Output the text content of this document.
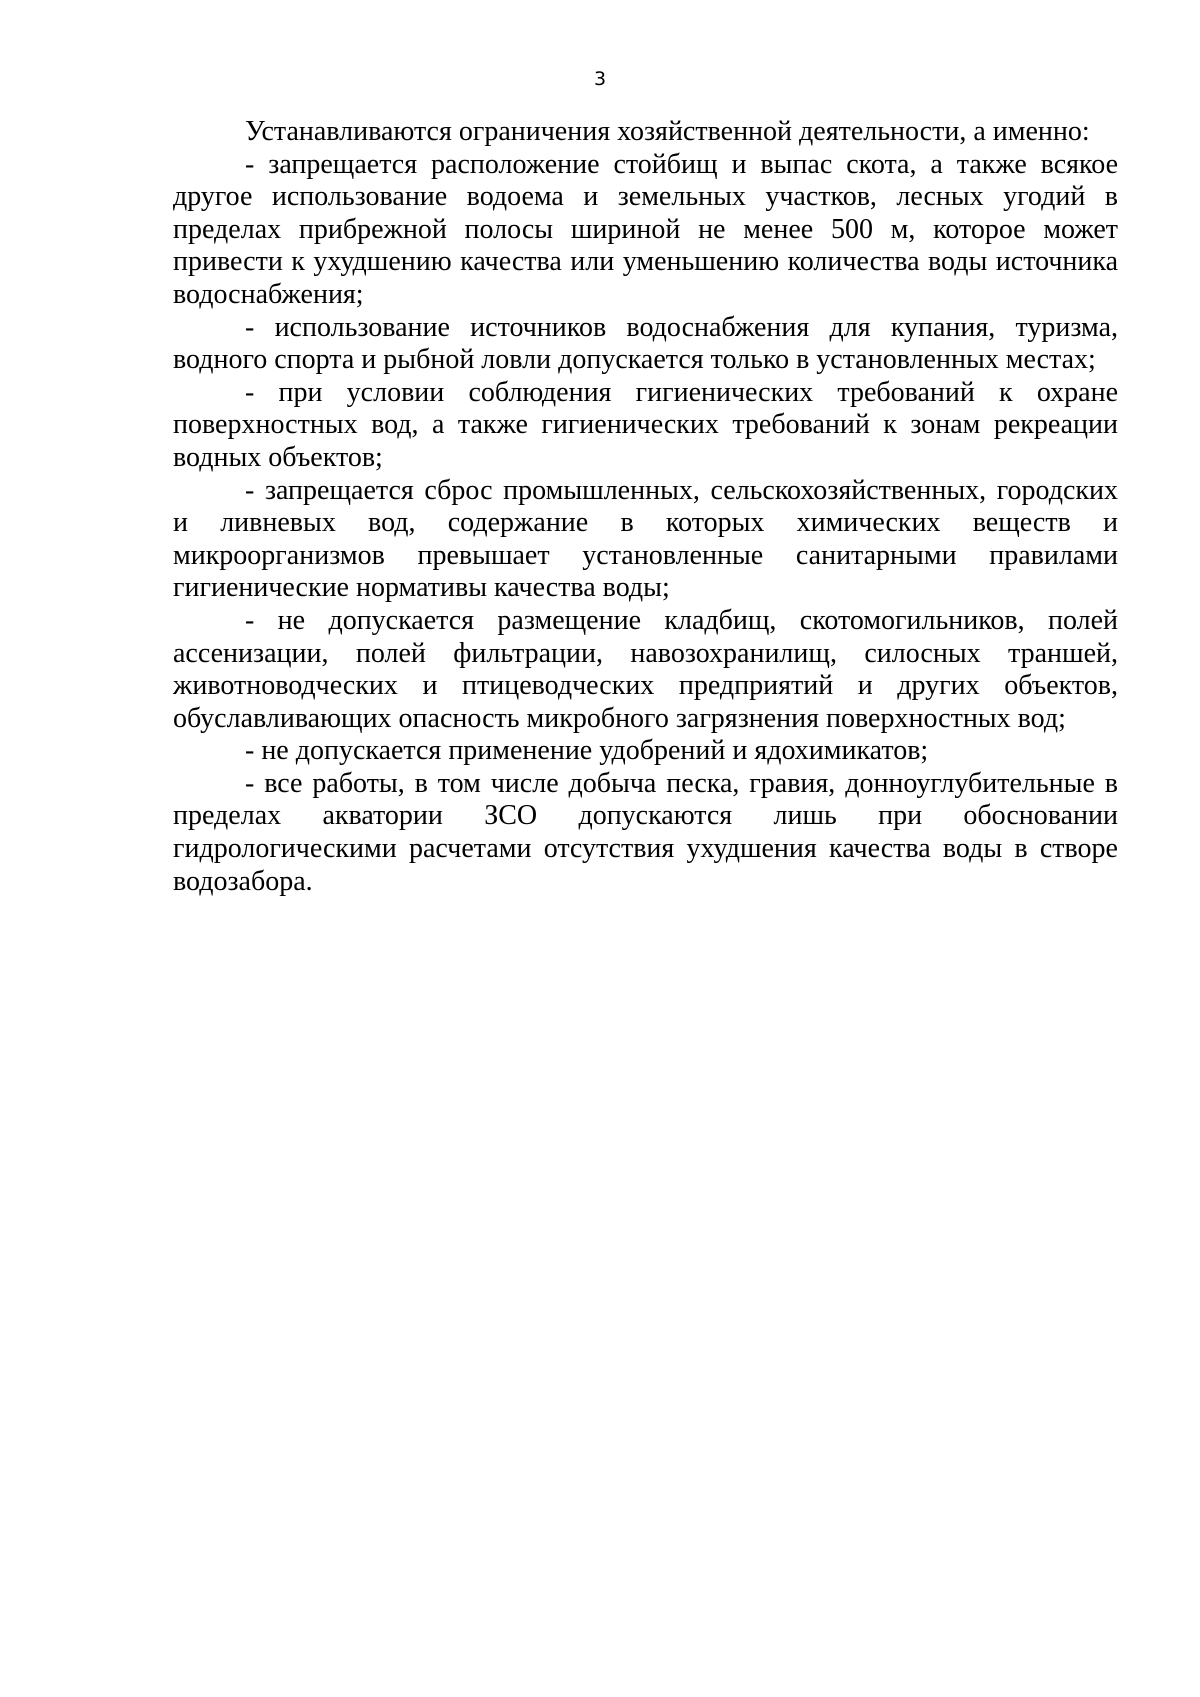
3

Устанавливаются ограничения хозяйственной деятельности, а именно:

- запрещается расположение стойбищ и выпас скота, а также всякое другое использование водоема и земельных участков, лесных угодий в пределах прибрежной полосы шириной не менее 500 м, которое может привести к ухудшению качества или уменьшению количества воды источника водоснабжения;

- использование источников водоснабжения для купания, туризма, водного спорта и рыбной ловли допускается только в установленных местах;

- при условии соблюдения гигиенических требований к охране поверхностных вод, а также гигиенических требований к зонам рекреации водных объектов;

- запрещается сброс промышленных, сельскохозяйственных, городских и ливневых вод, содержание в которых химических веществ и микроорганизмов превышает установленные санитарными правилами гигиенические нормативы качества воды;

- не допускается размещение кладбищ, скотомогильников, полей ассенизации, полей фильтрации, навозохранилищ, силосных траншей, животноводческих и птицеводческих предприятий и других объектов, обуславливающих опасность микробного загрязнения поверхностных вод;

- не допускается применение удобрений и ядохимикатов;

- все работы, в том числе добыча песка, гравия, донноуглубительные в пределах акватории ЗСО допускаются лишь при обосновании гидрологическими расчетами отсутствия ухудшения качества воды в створе водозабора.
